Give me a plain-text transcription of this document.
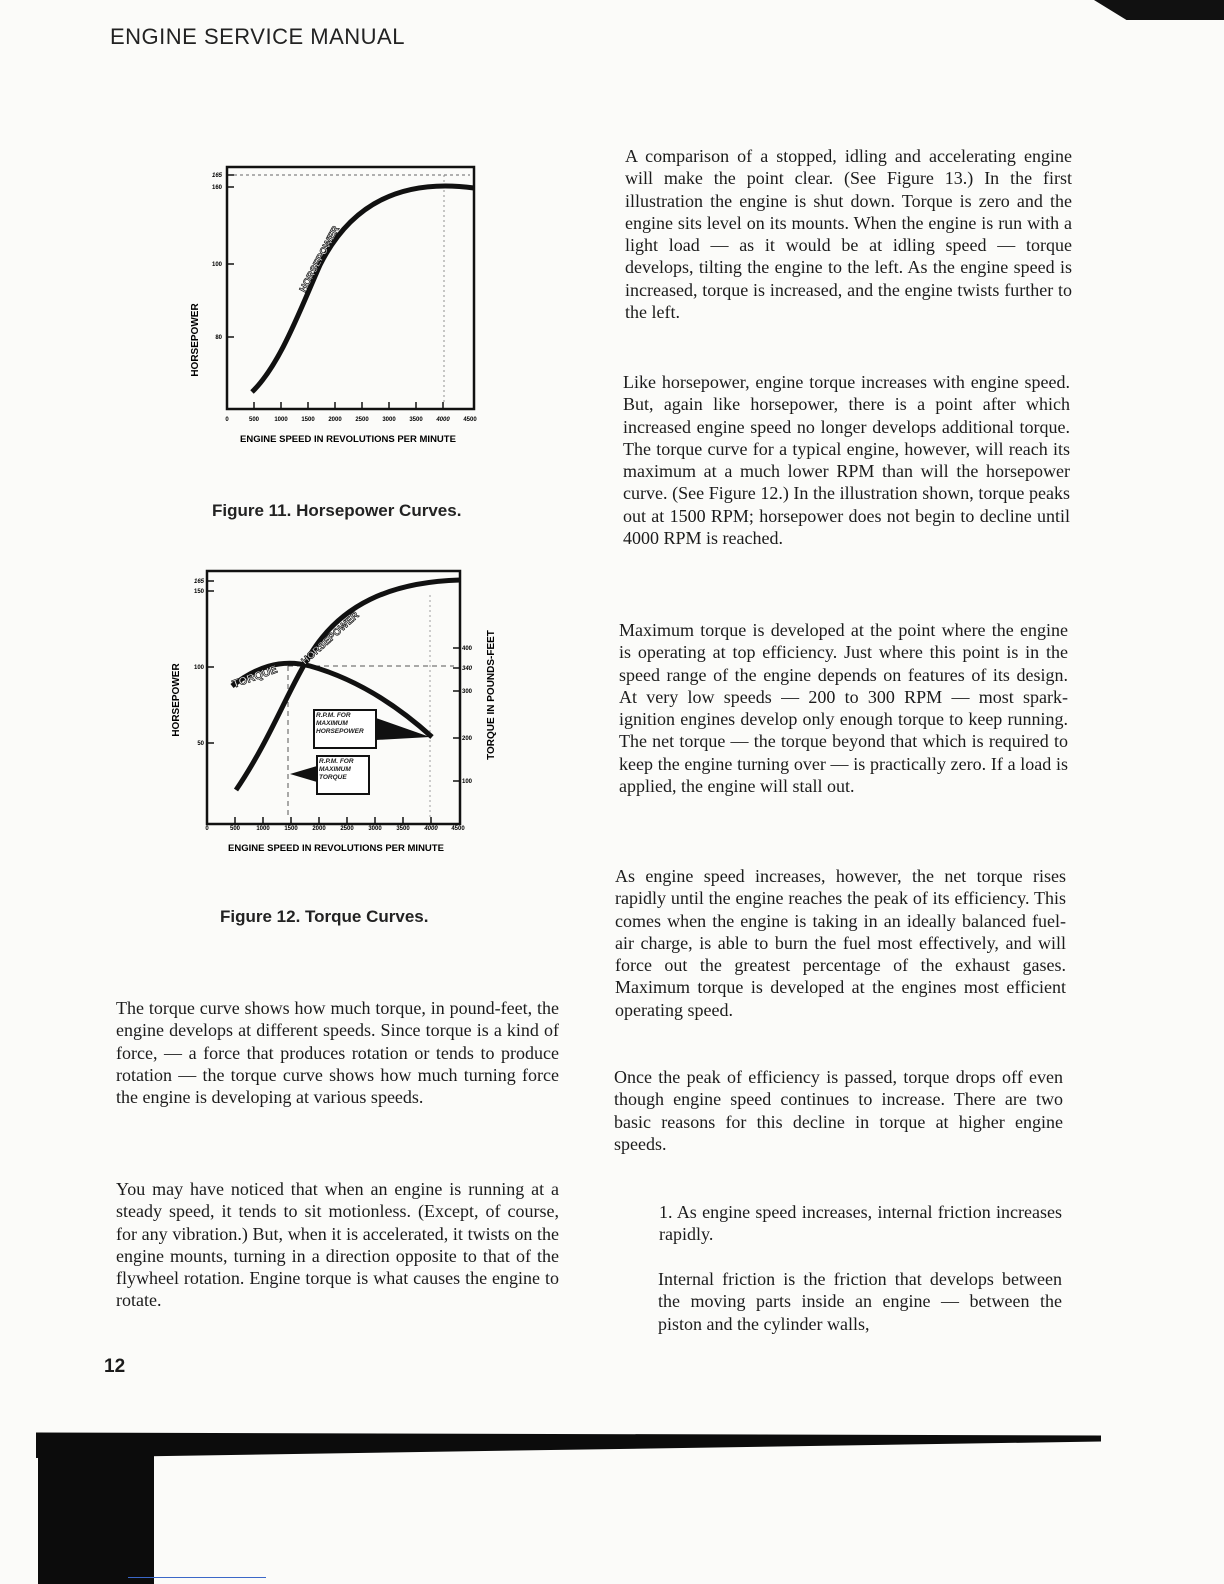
ENGINE SERVICE MANUAL
HORSEPOWER 80
100
160
165
HORSEPOWER
0	500	1000 1500 2000 2500 3000 3500 4000 4500
ENGINE SPEED IN REVOLUTIONS PER MINUTE
Figure 11. Horsepower Curves.
HORSEPOWER	TORQUE IN POUNDS-FEET
50
100
150
165
100
200
300
340
400
HORSEPOWER
TORQUE
R.P.M. FOR MAXIMUM HORSEPOWER
R.P.M. FOR MAXIMUM TORQUE
0	500	1000 1500 2000 2500 3000 3500 4000 4500
ENGINE SPEED IN REVOLUTIONS PER MINUTE
Figure 12. Torque Curves.

The torque curve shows how much torque, in pound-feet, the engine develops at different speeds. Since torque is a kind of force, — a force that produces rotation or tends to produce rotation — the torque curve shows how much turning force the engine is developing at various speeds.

You may have noticed that when an engine is running at a steady speed, it tends to sit motionless. (Except, of course, for any vibration.) But, when it is accelerated, it twists on the engine mounts, turning in a direction opposite to that of the flywheel rotation. Engine torque is what causes the engine to rotate.

A comparison of a stopped, idling and accelerating engine will make the point clear. (See Figure 13.) In the first illustration the engine is shut down. Torque is zero and the engine sits level on its mounts. When the engine is run with a light load — as it would be at idling speed — torque develops, tilting the engine to the left. As the engine speed is increased, torque is increased, and the engine twists further to the left.

Like horsepower, engine torque increases with engine speed. But, again like horsepower, there is a point after which increased engine speed no longer develops additional torque. The torque curve for a typical engine, however, will reach its maximum at a much lower RPM than will the horsepower curve. (See Figure 12.) In the illustration shown, torque peaks out at 1500 RPM; horsepower does not begin to decline until 4000 RPM is reached.

Maximum torque is developed at the point where the engine is operating at top efficiency. Just where this point is in the speed range of the engine depends on features of its design. At very low speeds — 200 to 300 RPM — most spark-ignition engines develop only enough torque to keep running. The net torque — the torque beyond that which is required to keep the engine turning over — is practically zero. If a load is applied, the engine will stall out.

As engine speed increases, however, the net torque rises rapidly until the engine reaches the peak of its efficiency. This comes when the engine is taking in an ideally balanced fuel-air charge, is able to burn the fuel most effectively, and will force out the greatest percentage of the exhaust gases. Maximum torque is developed at the engines most efficient operating speed.

Once the peak of efficiency is passed, torque drops off even though engine speed continues to increase. There are two basic reasons for this decline in torque at higher engine speeds.

1. As engine speed increases, internal friction increases rapidly.

Internal friction is the friction that develops between the moving parts inside an engine — between the piston and the cylinder walls,

12
